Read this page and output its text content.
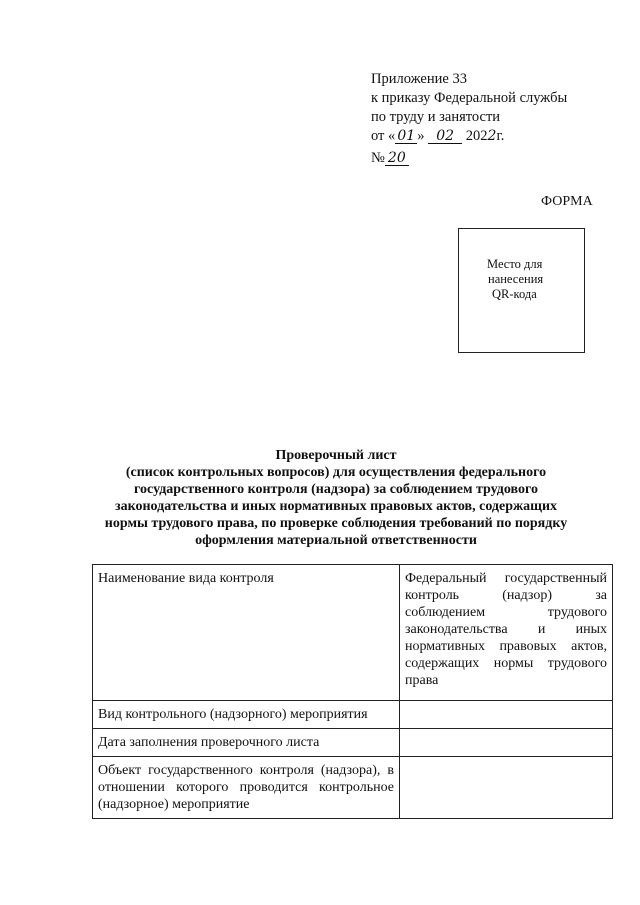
Приложение 33
к приказу Федеральной службы
по труду и занятости
от « 01 » 02 2022г.
№ 20
ФОРМА
Место для
нанесения
QR-кода
Проверочный лист
(список контрольных вопросов) для осуществления федерального
государственного контроля (надзора) за соблюдением трудового
законодательства и иных нормативных правовых актов, содержащих
нормы трудового права, по проверке соблюдения требований по порядку
оформления материальной ответственности
Наименование вида контроля	Федеральный государственный контроль (надзор) за соблюдением трудового законодательства и иных нормативных правовых актов, содержащих нормы трудового права
Вид контрольного (надзорного) мероприятия	
Дата заполнения проверочного листа	
Объект государственного контроля (надзора), в отношении которого проводится контрольное (надзорное) мероприятие	
